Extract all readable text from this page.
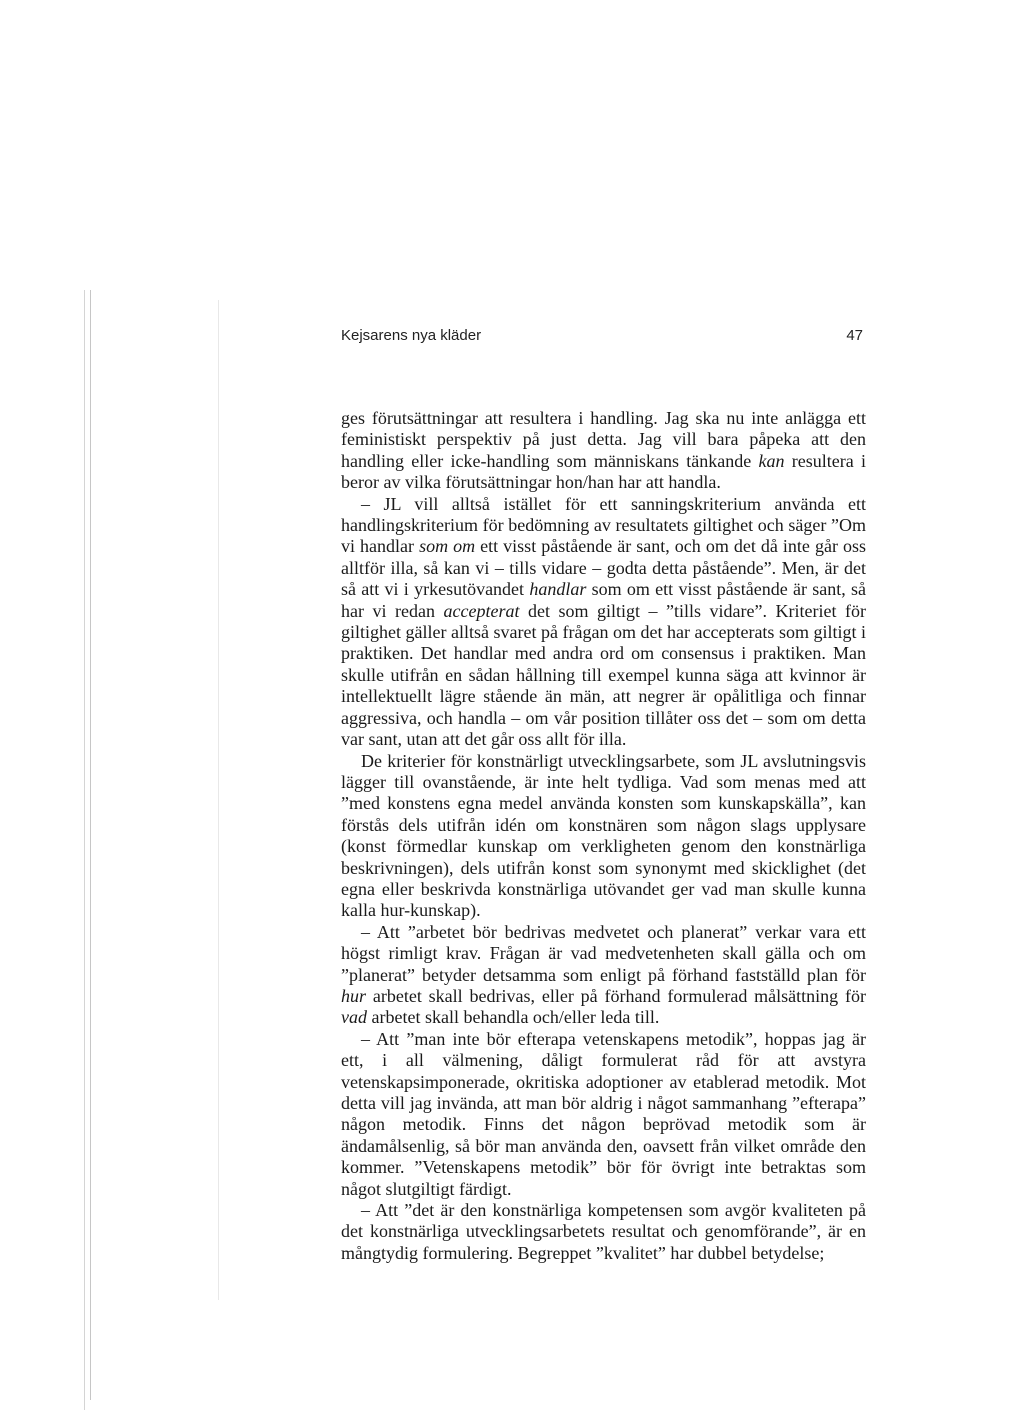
Kejsarens nya kläder	47

ges förutsättningar att resultera i handling. Jag ska nu inte anlägga ett feministiskt perspektiv på just detta. Jag vill bara påpeka att den handling eller icke-handling som människans tänkande kan resultera i beror av vilka förutsättningar hon/han har att handla.

– JL vill alltså istället för ett sanningskriterium använda ett handlingskriterium för bedömning av resultatets giltighet och säger ”Om vi handlar som om ett visst påstående är sant, och om det då inte går oss alltför illa, så kan vi – tills vidare – godta detta påstående”. Men, är det så att vi i yrkesutövandet handlar som om ett visst påstående är sant, så har vi redan accepterat det som giltigt – ”tills vidare”. Kriteriet för giltighet gäller alltså svaret på frågan om det har accepterats som giltigt i praktiken. Det handlar med andra ord om consensus i praktiken. Man skulle utifrån en sådan hållning till exempel kunna säga att kvinnor är intellektuellt lägre stående än män, att negrer är opålitliga och finnar aggressiva, och handla – om vår position tillåter oss det – som om detta var sant, utan att det går oss allt för illa.

De kriterier för konstnärligt utvecklingsarbete, som JL avslutningsvis lägger till ovanstående, är inte helt tydliga. Vad som menas med att ”med konstens egna medel använda konsten som kunskapskälla”, kan förstås dels utifrån idén om konstnären som någon slags upplysare (konst förmedlar kunskap om verkligheten genom den konstnärliga beskrivningen), dels utifrån konst som synonymt med skicklighet (det egna eller beskrivda konstnärliga utövandet ger vad man skulle kunna kalla hur-kunskap).

– Att ”arbetet bör bedrivas medvetet och planerat” verkar vara ett högst rimligt krav. Frågan är vad medvetenheten skall gälla och om ”planerat” betyder detsamma som enligt på förhand fastställd plan för hur arbetet skall bedrivas, eller på förhand formulerad målsättning för vad arbetet skall behandla och/eller leda till.

– Att ”man inte bör efterapa vetenskapens metodik”, hoppas jag är ett, i all välmening, dåligt formulerat råd för att avstyra vetenskapsimponerade, okritiska adoptioner av etablerad metodik. Mot detta vill jag invända, att man bör aldrig i något sammanhang ”efterapa” någon metodik. Finns det någon beprövad metodik som är ändamålsenlig, så bör man använda den, oavsett från vilket område den kommer. ”Vetenskapens metodik” bör för övrigt inte betraktas som något slutgiltigt färdigt.

– Att ”det är den konstnärliga kompetensen som avgör kvaliteten på det konstnärliga utvecklingsarbetets resultat och genomförande”, är en mångtydig formulering. Begreppet ”kvalitet” har dubbel betydelse;
